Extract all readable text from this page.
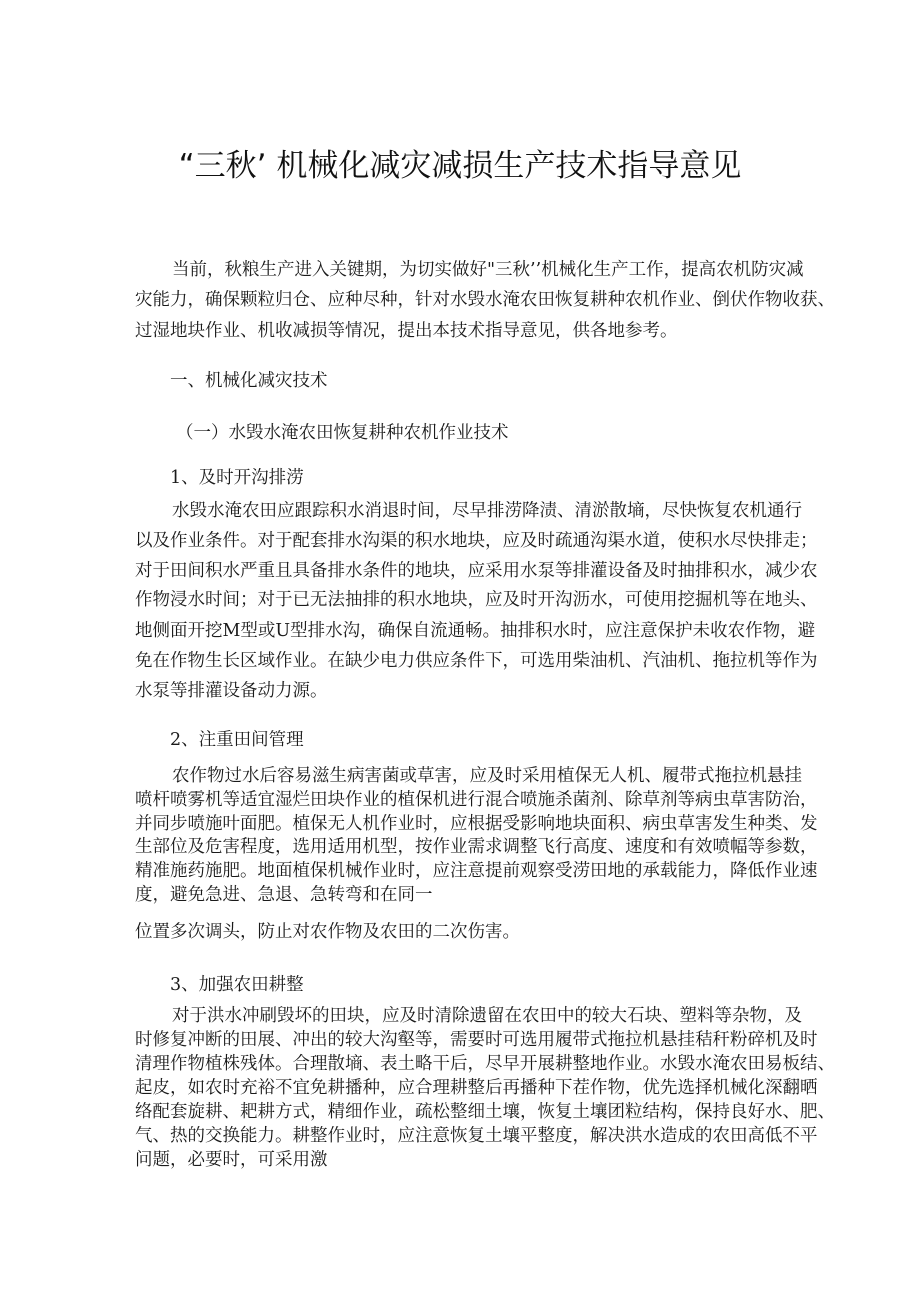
“三秋’ 机械化减灾减损生产技术指导意见
当前，秋粮生产进入关键期，为切实做好"三秋’’机械化生产工作，提高农机防灾减
灾能力，确保颗粒归仓、应种尽种，针对水毁水淹农田恢复耕种农机作业、倒伏作物收获、
过湿地块作业、机收减损等情况，提出本技术指导意见，供各地参考。
一、机械化减灾技术
（一）水毁水淹农田恢复耕种农机作业技术
1、及时开沟排涝
水毁水淹农田应跟踪积水消退时间，尽早排涝降渍、清淤散墒，尽快恢复农机通行
以及作业条件。对于配套排水沟渠的积水地块，应及时疏通沟渠水道，使积水尽快排走；
对于田间积水严重且具备排水条件的地块，应采用水泵等排灌设备及时抽排积水，减少农
作物浸水时间；对于已无法抽排的积水地块，应及时开沟沥水，可使用挖掘机等在地头、
地侧面开挖M型或U型排水沟，确保自流通畅。抽排积水时，应注意保护未收农作物，避
免在作物生长区域作业。在缺少电力供应条件下，可选用柴油机、汽油机、拖拉机等作为
水泵等排灌设备动力源。
2、注重田间管理
农作物过水后容易滋生病害菌或草害，应及时采用植保无人机、履带式拖拉机悬挂
喷杆喷雾机等适宜湿烂田块作业的植保机进行混合喷施杀菌剂、除草剂等病虫草害防治，
并同步喷施叶面肥。植保无人机作业时，应根据受影响地块面积、病虫草害发生种类、发
生部位及危害程度，选用适用机型，按作业需求调整飞行高度、速度和有效喷幅等参数，
精准施药施肥。地面植保机械作业时，应注意提前观察受涝田地的承载能力，降低作业速
度，避免急进、急退、急转弯和在同一
位置多次调头，防止对农作物及农田的二次伤害。
3、加强农田耕整
对于洪水冲刷毁坏的田块，应及时清除遗留在农田中的较大石块、塑料等杂物，及
时修复冲断的田展、冲出的较大沟壑等，需要时可选用履带式拖拉机悬挂秸秆粉碎机及时
清理作物植株残体。合理散墒、表土略干后，尽早开展耕整地作业。水毁水淹农田易板结、
起皮，如农时充裕不宜免耕播种，应合理耕整后再播种下茬作物，优先选择机械化深翻晒
络配套旋耕、耙耕方式，精细作业，疏松整细土壤，恢复土壤团粒结构，保持良好水、肥、
气、热的交换能力。耕整作业时，应注意恢复土壤平整度，解决洪水造成的农田高低不平
问题，必要时，可采用激
